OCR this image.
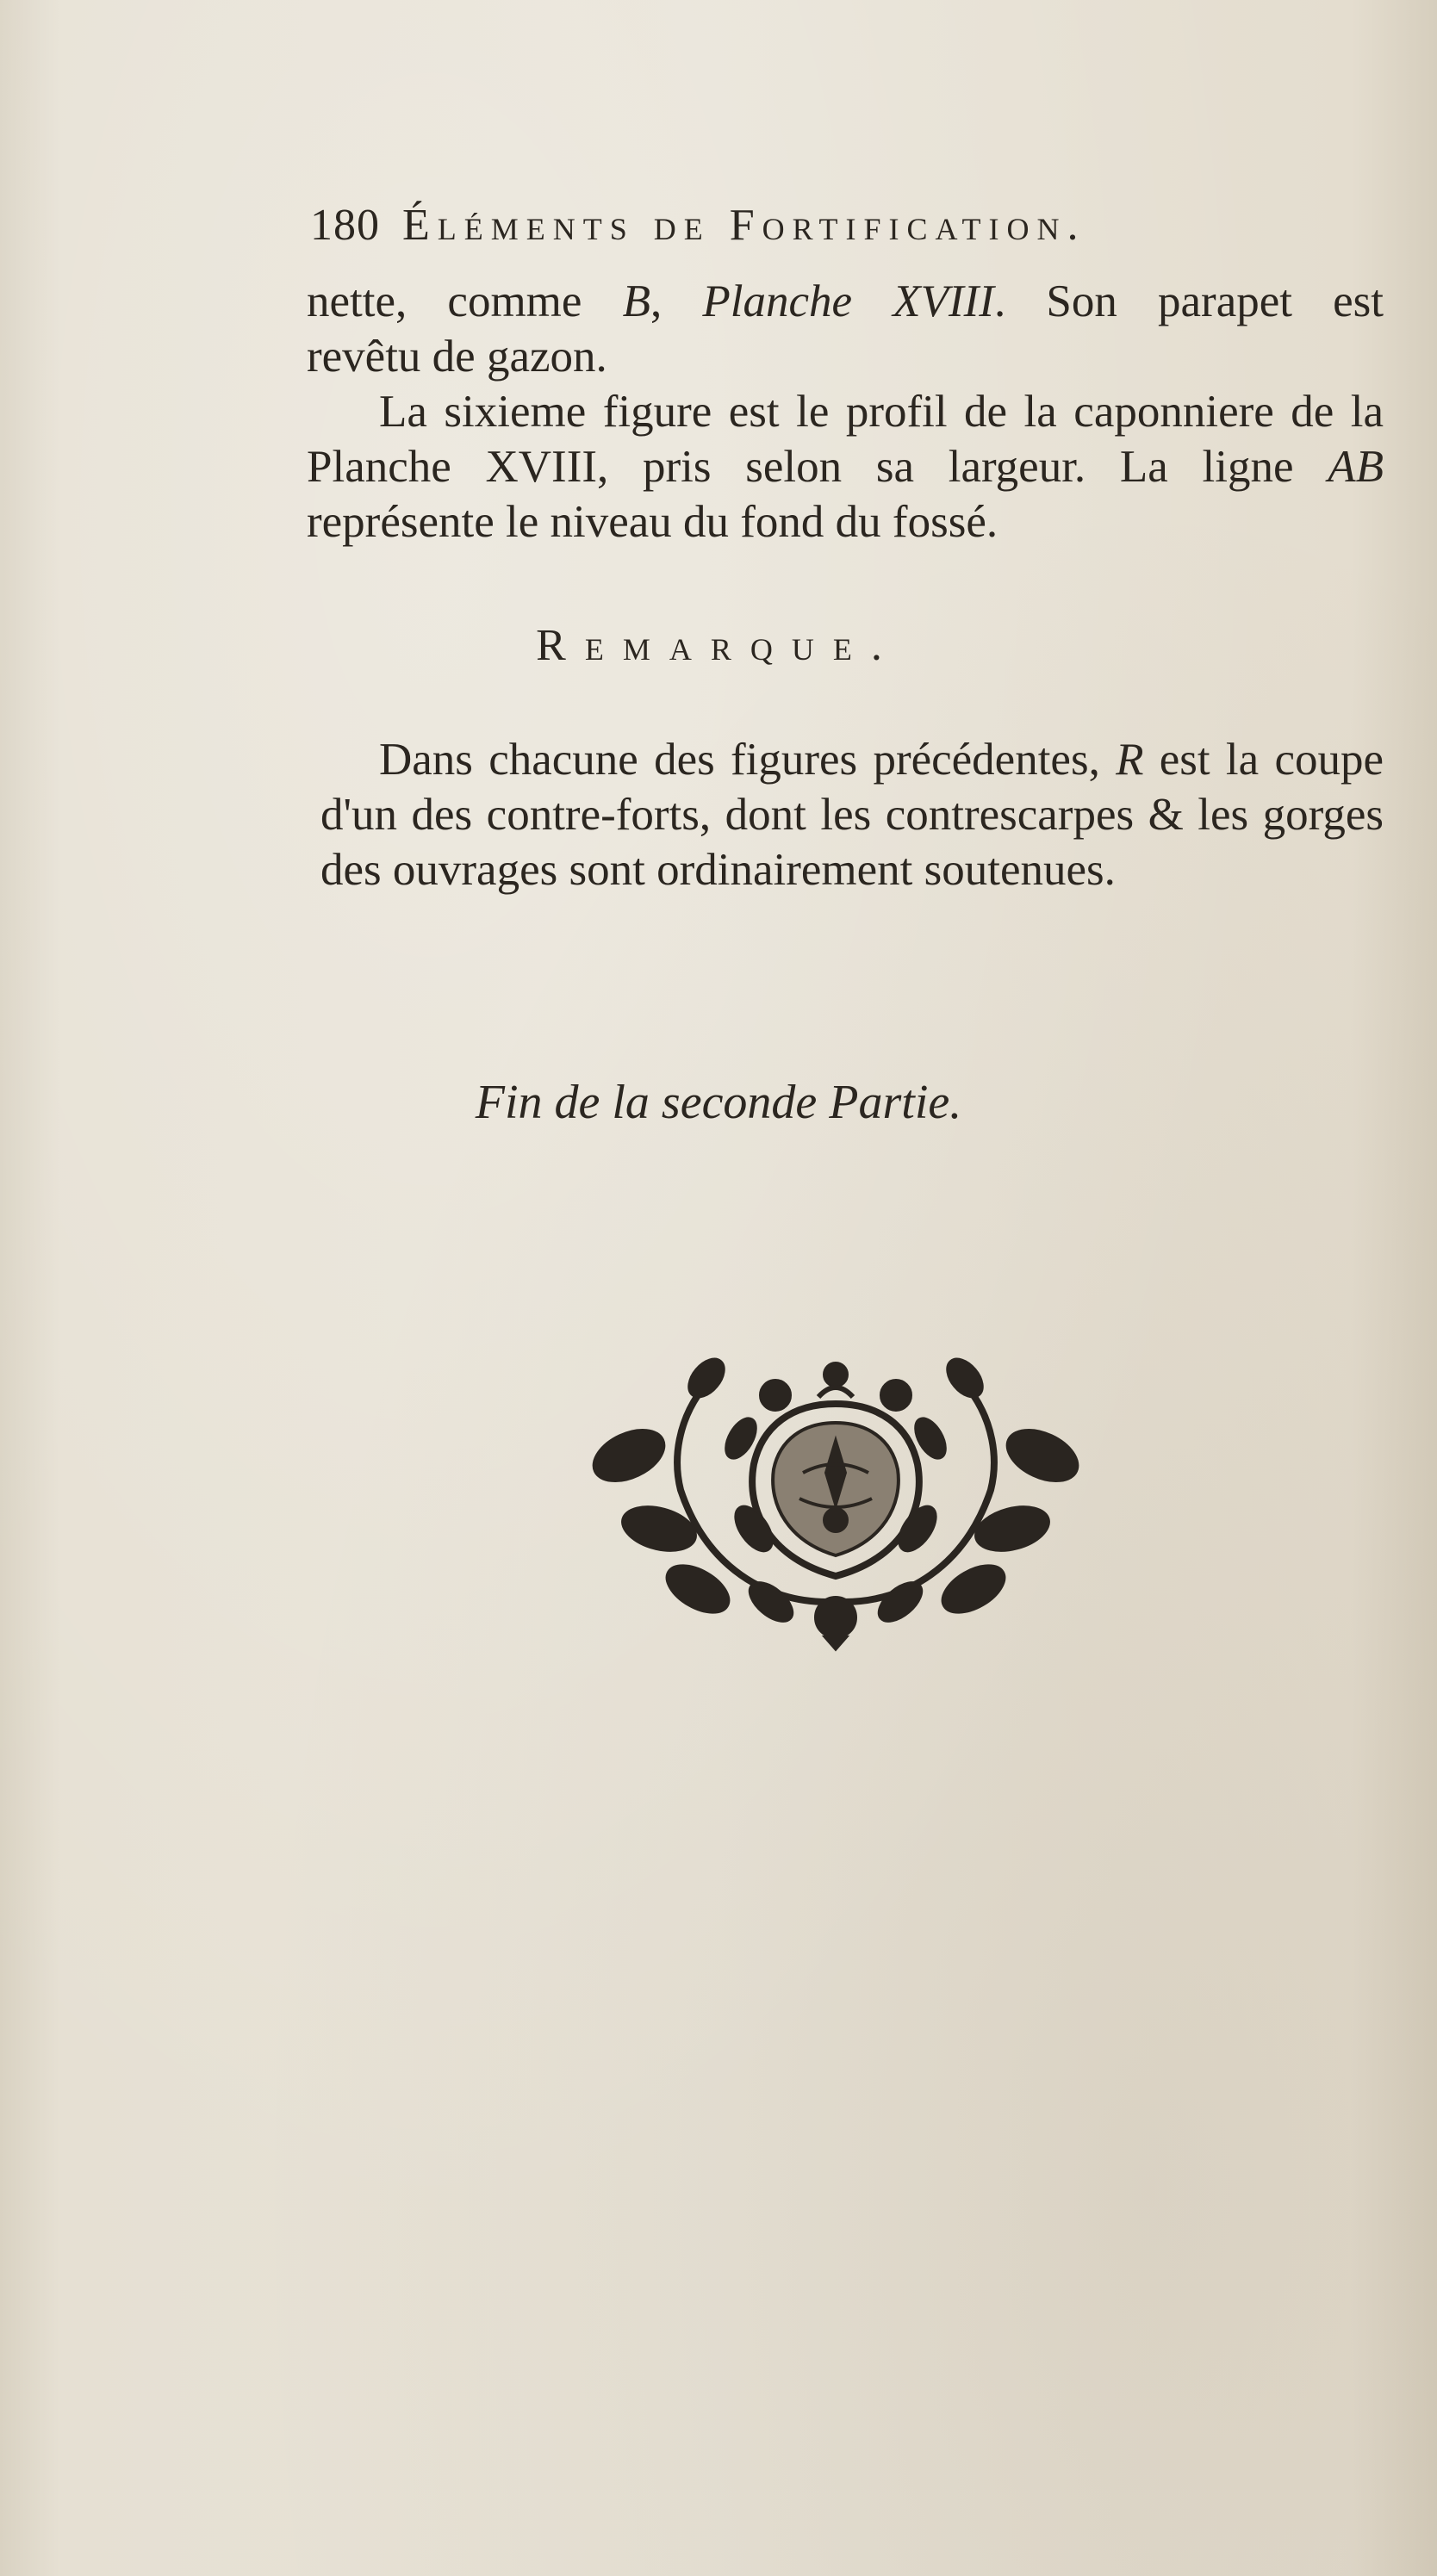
180 Éléments de Fortification.
nette, comme B, Planche XVIII. Son parapet est
revêtu de gazon.
La sixieme figure est le profil de la caponniere de la Planche XVIII, pris selon sa largeur. La ligne AB représente le niveau du fond du fossé.
Remarque.
Dans chacune des figures précédentes, R est la coupe d'un des contre-forts, dont les contrescarpes & les gorges des ouvrages sont ordinairement soutenues.
Fin de la seconde Partie.
